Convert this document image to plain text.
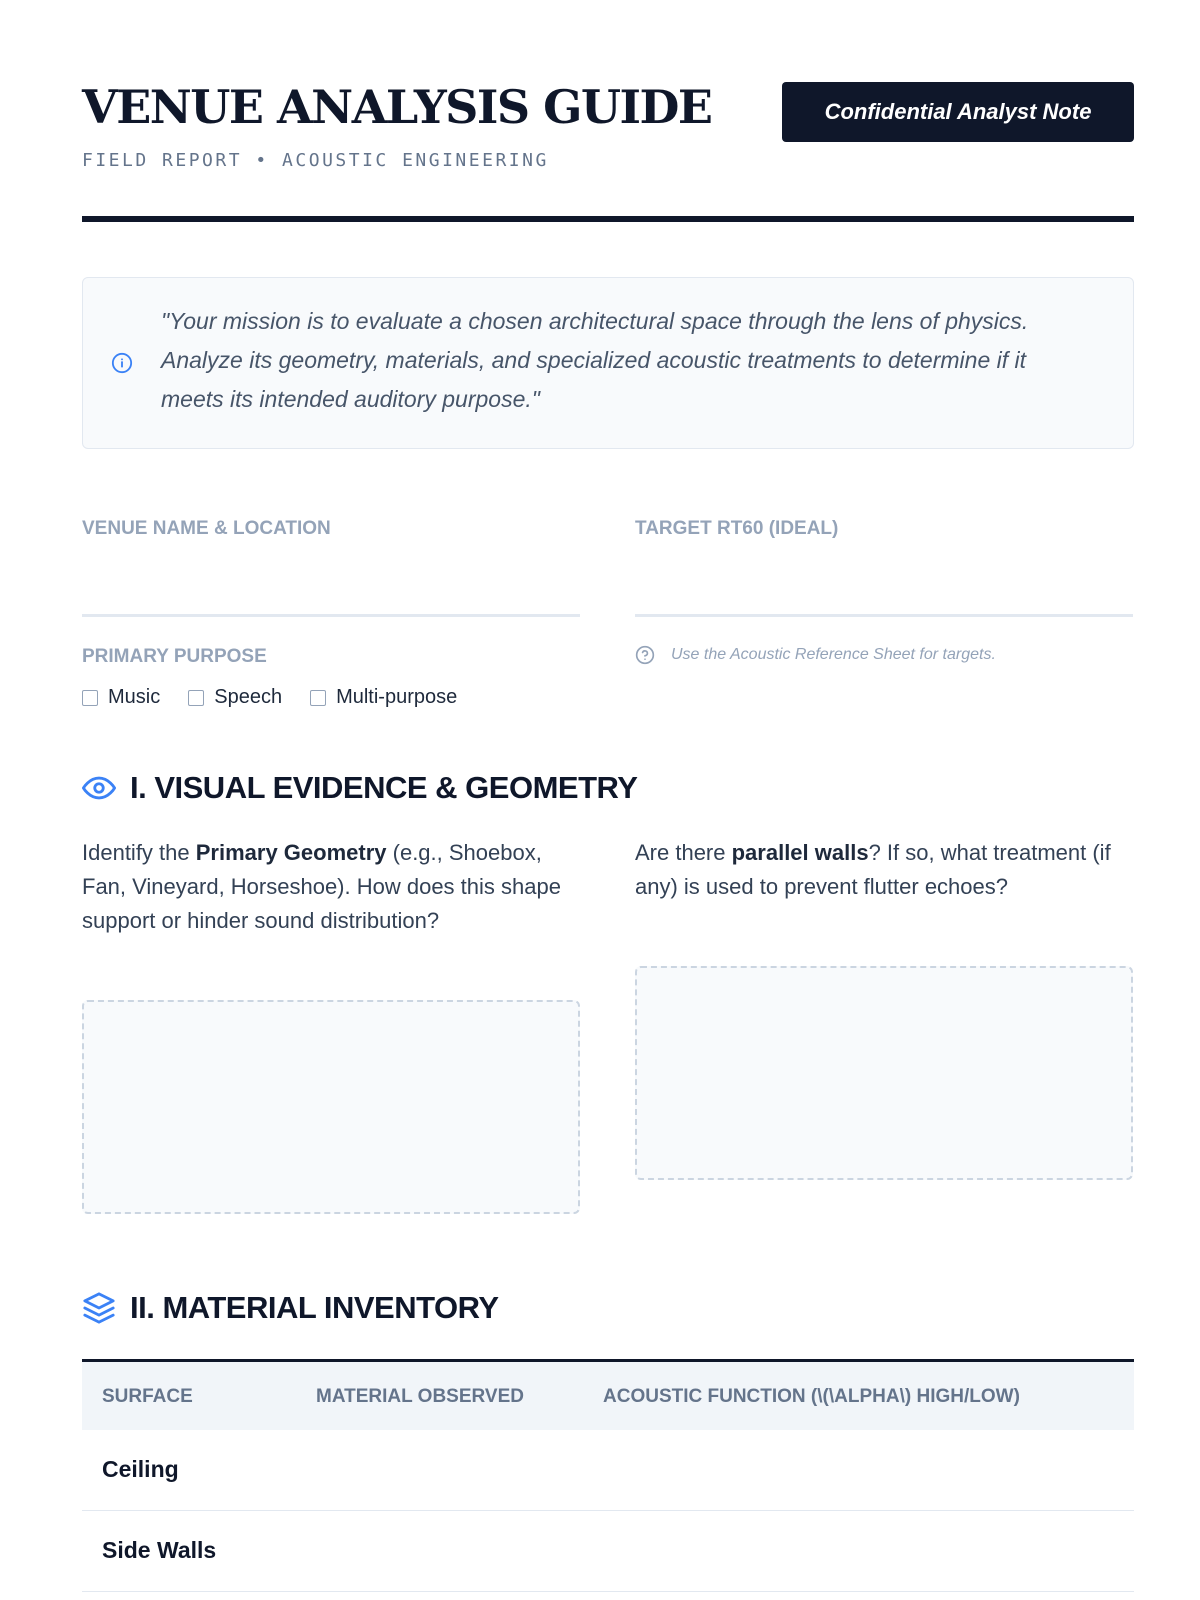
VENUE ANALYSIS GUIDE
FIELD REPORT • ACOUSTIC ENGINEERING
Confidential Analyst Note
"Your mission is to evaluate a chosen architectural space through the lens of physics. Analyze its geometry, materials, and specialized acoustic treatments to determine if it meets its intended auditory purpose."
VENUE NAME & LOCATION	TARGET RT60 (IDEAL)
PRIMARY PURPOSE	Use the Acoustic Reference Sheet for targets.
Music	Speech	Multi-purpose
I. VISUAL EVIDENCE & GEOMETRY
Identify the Primary Geometry (e.g., Shoebox, Fan, Vineyard, Horseshoe). How does this shape support or hinder sound distribution?
Are there parallel walls? If so, what treatment (if any) is used to prevent flutter echoes?
II. MATERIAL INVENTORY
SURFACE	MATERIAL OBSERVED	ACOUSTIC FUNCTION (\(\ALPHA\) HIGH/LOW)
Ceiling
Side Walls
